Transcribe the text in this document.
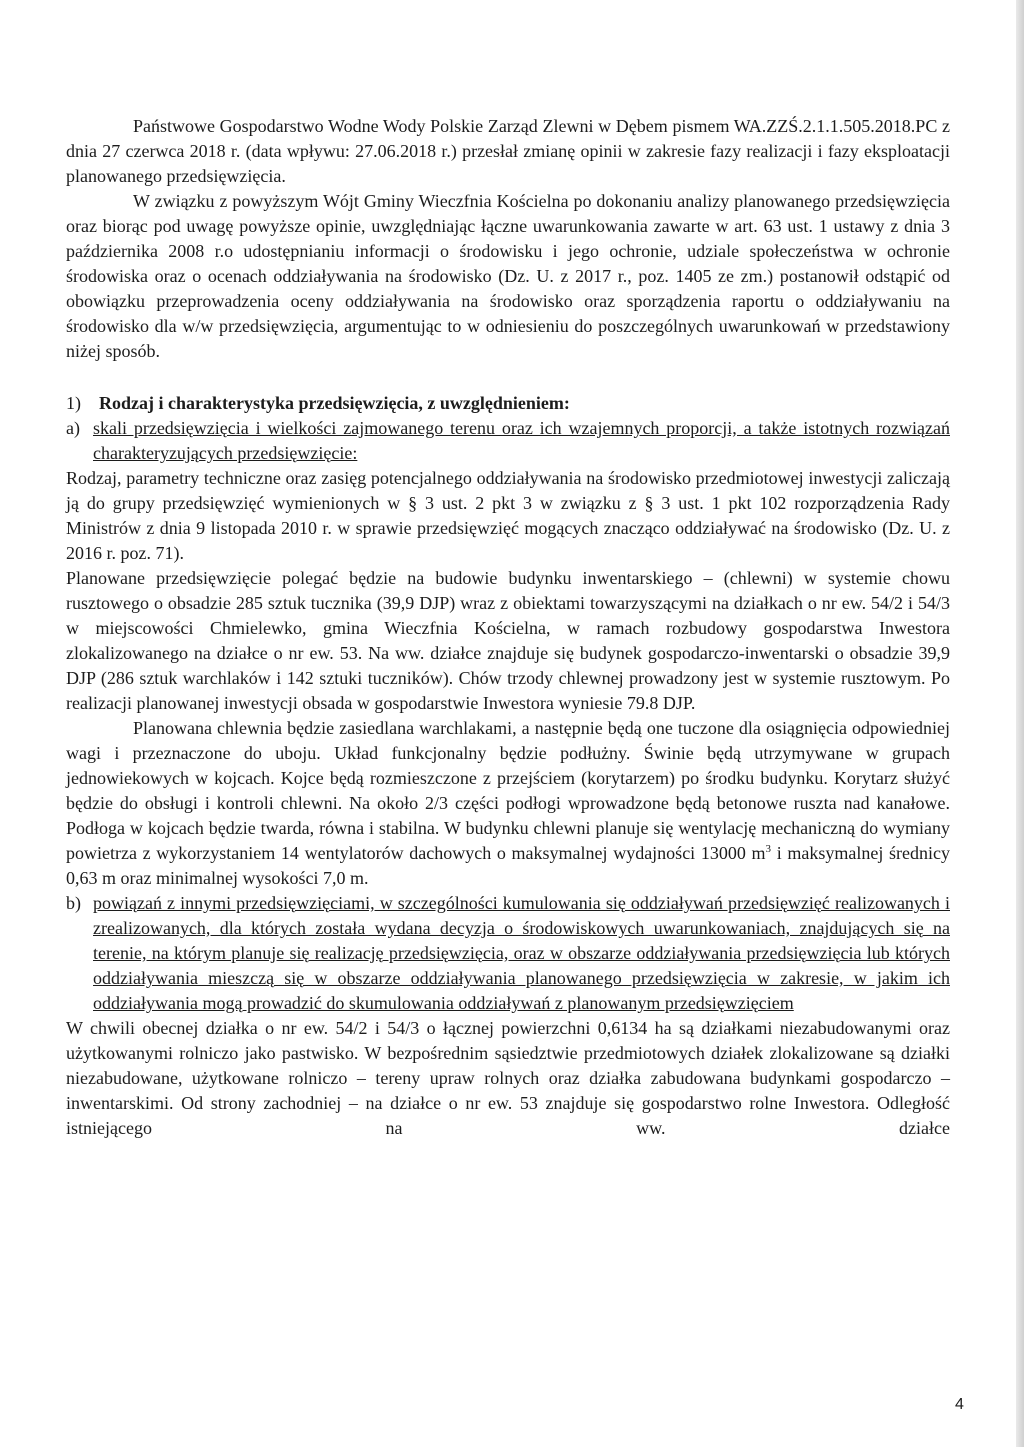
Państwowe Gospodarstwo Wodne Wody Polskie Zarząd Zlewni w Dębem pismem WA.ZZŚ.2.1.1.505.2018.PC z dnia 27 czerwca 2018 r. (data wpływu: 27.06.2018 r.) przesłał zmianę opinii w zakresie fazy realizacji i fazy eksploatacji planowanego przedsięwzięcia.

W związku z powyższym Wójt Gminy Wieczfnia Kościelna po dokonaniu analizy planowanego przedsięwzięcia oraz biorąc pod uwagę powyższe opinie, uwzględniając łączne uwarunkowania zawarte w art. 63 ust. 1 ustawy z dnia 3 października 2008 r.o udostępnianiu informacji o środowisku i jego ochronie, udziale społeczeństwa w ochronie środowiska oraz o ocenach oddziaływania na środowisko (Dz. U. z 2017 r., poz. 1405 ze zm.) postanowił odstąpić od obowiązku przeprowadzenia oceny oddziaływania na środowisko oraz sporządzenia raportu o oddziaływaniu na środowisko dla w/w przedsięwzięcia, argumentując to w odniesieniu do poszczególnych uwarunkowań w przedstawiony niżej sposób.

1) Rodzaj i charakterystyka przedsięwzięcia, z uwzględnieniem:

a) skali przedsięwzięcia i wielkości zajmowanego terenu oraz ich wzajemnych proporcji, a także istotnych rozwiązań charakteryzujących przedsięwzięcie:

Rodzaj, parametry techniczne oraz zasięg potencjalnego oddziaływania na środowisko przedmiotowej inwestycji zaliczają ją do grupy przedsięwzięć wymienionych w § 3 ust. 2 pkt 3 w związku z § 3 ust. 1 pkt 102 rozporządzenia Rady Ministrów z dnia 9 listopada 2010 r. w sprawie przedsięwzięć mogących znacząco oddziaływać na środowisko (Dz. U. z 2016 r. poz. 71).

Planowane przedsięwzięcie polegać będzie na budowie budynku inwentarskiego – (chlewni) w systemie chowu rusztowego o obsadzie 285 sztuk tucznika (39,9 DJP) wraz z obiektami towarzyszącymi na działkach o nr ew. 54/2 i 54/3 w miejscowości Chmielewko, gmina Wieczfnia Kościelna, w ramach rozbudowy gospodarstwa Inwestora zlokalizowanego na działce o nr ew. 53. Na ww. działce znajduje się budynek gospodarczo-inwentarski o obsadzie 39,9 DJP (286 sztuk warchlaków i 142 sztuki tuczników). Chów trzody chlewnej prowadzony jest w systemie rusztowym. Po realizacji planowanej inwestycji obsada w gospodarstwie Inwestora wyniesie 79.8 DJP.

Planowana chlewnia będzie zasiedlana warchlakami, a następnie będą one tuczone dla osiągnięcia odpowiedniej wagi i przeznaczone do uboju. Układ funkcjonalny będzie podłużny. Świnie będą utrzymywane w grupach jednowiekowych w kojcach. Kojce będą rozmieszczone z przejściem (korytarzem) po środku budynku. Korytarz służyć będzie do obsługi i kontroli chlewni. Na około 2/3 części podłogi wprowadzone będą betonowe ruszta nad kanałowe. Podłoga w kojcach będzie twarda, równa i stabilna. W budynku chlewni planuje się wentylację mechaniczną do wymiany powietrza z wykorzystaniem 14 wentylatorów dachowych o maksymalnej wydajności 13000 $m^3$ i maksymalnej średnicy 0,63 m oraz minimalnej wysokości 7,0 m.

b) powiązań z innymi przedsięwzięciami, w szczególności kumulowania się oddziaływań przedsięwzięć realizowanych i zrealizowanych, dla których została wydana decyzja o środowiskowych uwarunkowaniach, znajdujących się na terenie, na którym planuje się realizację przedsięwzięcia, oraz w obszarze oddziaływania przedsięwzięcia lub których oddziaływania mieszczą się w obszarze oddziaływania planowanego przedsięwzięcia w zakresie, w jakim ich oddziaływania mogą prowadzić do skumulowania oddziaływań z planowanym przedsięwzięciem

W chwili obecnej działka o nr ew. 54/2 i 54/3 o łącznej powierzchni 0,6134 ha są działkami niezabudowanymi oraz użytkowanymi rolniczo jako pastwisko. W bezpośrednim sąsiedztwie przedmiotowych działek zlokalizowane są działki niezabudowane, użytkowane rolniczo – tereny upraw rolnych oraz działka zabudowana budynkami gospodarczo – inwentarskimi. Od strony zachodniej – na działce o nr ew. 53 znajduje się gospodarstwo rolne Inwestora. Odległość istniejącego na ww. działce

4
